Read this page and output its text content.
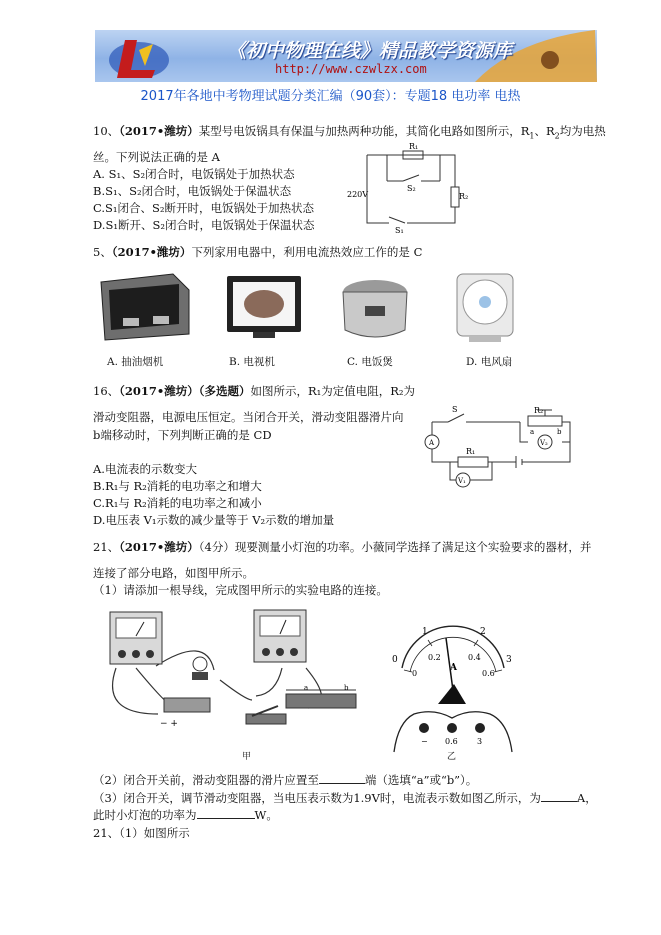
《初中物理在线》精品教学资源库
http://www.czwlzx.com
2017年各地中考物理试题分类汇编（90套）：专题18 电功率 电热
10、（2017•潍坊）某型号电饭锅具有保温与加热两种功能，其简化电路如图所示，$R_1$、$R_2$均为电热
丝。下列说法正确的是 A
A. S₁、S₂闭合时，电饭锅处于加热状态
B.S₁、S₂闭合时，电饭锅处于保温状态
C.S₁闭合、S₂断开时，电饭锅处于加热状态
D.S₁断开、S₂闭合时，电饭锅处于保温状态
R₁
R₂
S₂
S₁
220V
5、（2017•潍坊）下列家用电器中，利用电流热效应工作的是 C
A. 抽油烟机	B. 电视机	C. 电饭煲	D. 电风扇
16、（2017•潍坊）（多选题）如图所示，R₁为定值电阻，R₂为
滑动变阻器，电源电压恒定。当闭合开关，滑动变阻器滑片向
b端移动时，下列判断正确的是 CD
A.电流表的示数变大
B.R₁与 R₂消耗的电功率之和增大
C.R₁与 R₂消耗的电功率之和减小
D.电压表 V₁示数的减少量等于 V₂示数的增加量
S	R₂
a	b
V₂
A
R₁
V₁
21、（2017•潍坊）（4分）现要测量小灯泡的功率。小薇同学选择了满足这个实验要求的器材，并
连接了部分电路，如图甲所示。
（1）请添加一根导线，完成图甲所示的实验电路的连接。
− +
a	b
甲
0
1	2
3
0
0.2	0.4
0.6
A
− 0.6 3
乙
（2）闭合开关前，滑动变阻器的滑片应置至	端（选填“a”或“b”）。
（3）闭合开关，调节滑动变阻器，当电压表示数为1.9V时，电流表示数如图乙所示，为	A，
此时小灯泡的功率为	W。
21、（1）如图所示
